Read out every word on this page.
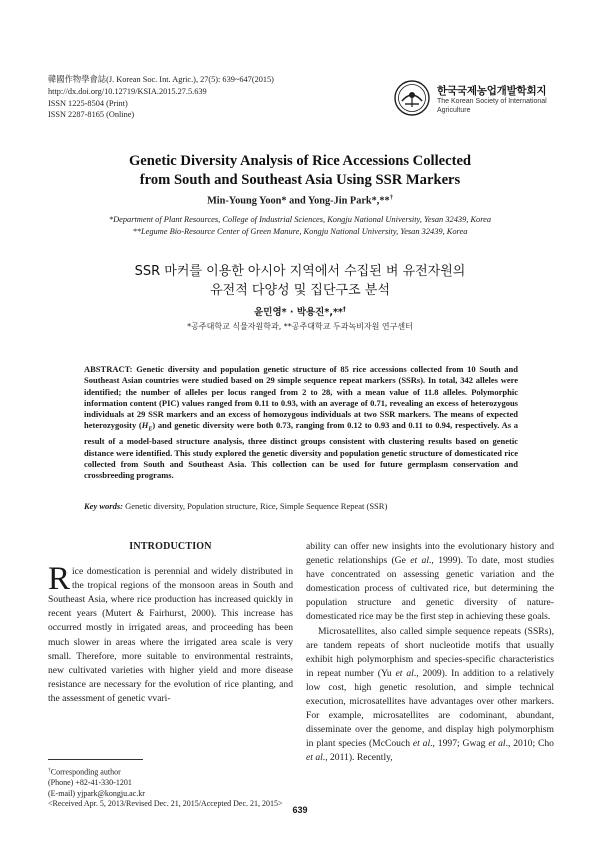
韓國作物學會誌(J. Korean Soc. Int. Agric.), 27(5): 639~647(2015)
http://dx.doi.org/10.12719/KSIA.2015.27.5.639
ISSN 1225-8504 (Print)
ISSN 2287-8165 (Online)
한국국제농업개발학회지
The Korean Society of International Agriculture
Genetic Diversity Analysis of Rice Accessions Collected
from South and Southeast Asia Using SSR Markers
Min-Young Yoon* and Yong-Jin Park*,**†
*Department of Plant Resources, College of Industrial Sciences, Kongju National University, Yesan 32439, Korea
**Legume Bio-Resource Center of Green Manure, Kongju National University, Yesan 32439, Korea
SSR 마커를 이용한 아시아 지역에서 수집된 벼 유전자원의
유전적 다양성 및 집단구조 분석
윤민영* · 박용진*,**†
*공주대학교 식물자원학과, **공주대학교 두과녹비자원 연구센터

ABSTRACT: Genetic diversity and population genetic structure of 85 rice accessions collected from 10 South and Southeast Asian countries were studied based on 29 simple sequence repeat markers (SSRs). In total, 342 alleles were identified; the number of alleles per locus ranged from 2 to 28, with a mean value of 11.8 alleles. Polymorphic information content (PIC) values ranged from 0.11 to 0.93, with an average of 0.71, revealing an excess of heterozygous individuals at 29 SSR markers and an excess of homozygous individuals at two SSR markers. The means of expected heterozygosity $(H_E)$ and genetic diversity were both 0.73, ranging from 0.12 to 0.93 and 0.11 to 0.94, respectively. As a result of a model-based structure analysis, three distinct groups consistent with clustering results based on genetic distance were identified. This study explored the genetic diversity and population genetic structure of domesticated rice collected from South and Southeast Asia. This collection can be used for future germplasm conservation and crossbreeding programs.

Key words: Genetic diversity, Population structure, Rice, Simple Sequence Repeat (SSR)
INTRODUCTION

Rice domestication is perennial and widely distributed in the tropical regions of the monsoon areas in South and Southeast Asia, where rice production has increased quickly in recent years (Mutert & Fairhurst, 2000). This increase has occurred mostly in irrigated areas, and proceeding has been much slower in areas where the irrigated area scale is very small. Therefore, more suitable to environmental restraints, new cultivated varieties with higher yield and more disease resistance are necessary for the evolution of rice planting, and the assessment of genetic vvari-

ability can offer new insights into the evolutionary history and genetic relationships (Ge et al., 1999). To date, most studies have concentrated on assessing genetic variation and the domestication process of cultivated rice, but determining the population structure and genetic diversity of nature-domesticated rice may be the first step in achieving these goals.

Microsatellites, also called simple sequence repeats (SSRs), are tandem repeats of short nucleotide motifs that usually exhibit high polymorphism and species-specific characteristics in repeat number (Yu et al., 2009). In addition to a relatively low cost, high genetic resolution, and simple technical execution, microsatellites have advantages over other markers. For example, microsatellites are codominant, abundant, disseminate over the genome, and display high polymorphism in plant species (McCouch et al., 1997; Gwag et al., 2010; Cho et al., 2011). Recently,

†Corresponding author
(Phone) +82-41-330-1201
(E-mail) yjpark@kongju.ac.kr
<Received Apr. 5, 2013/Revised Dec. 21, 2015/Accepted Dec. 21, 2015>
639
